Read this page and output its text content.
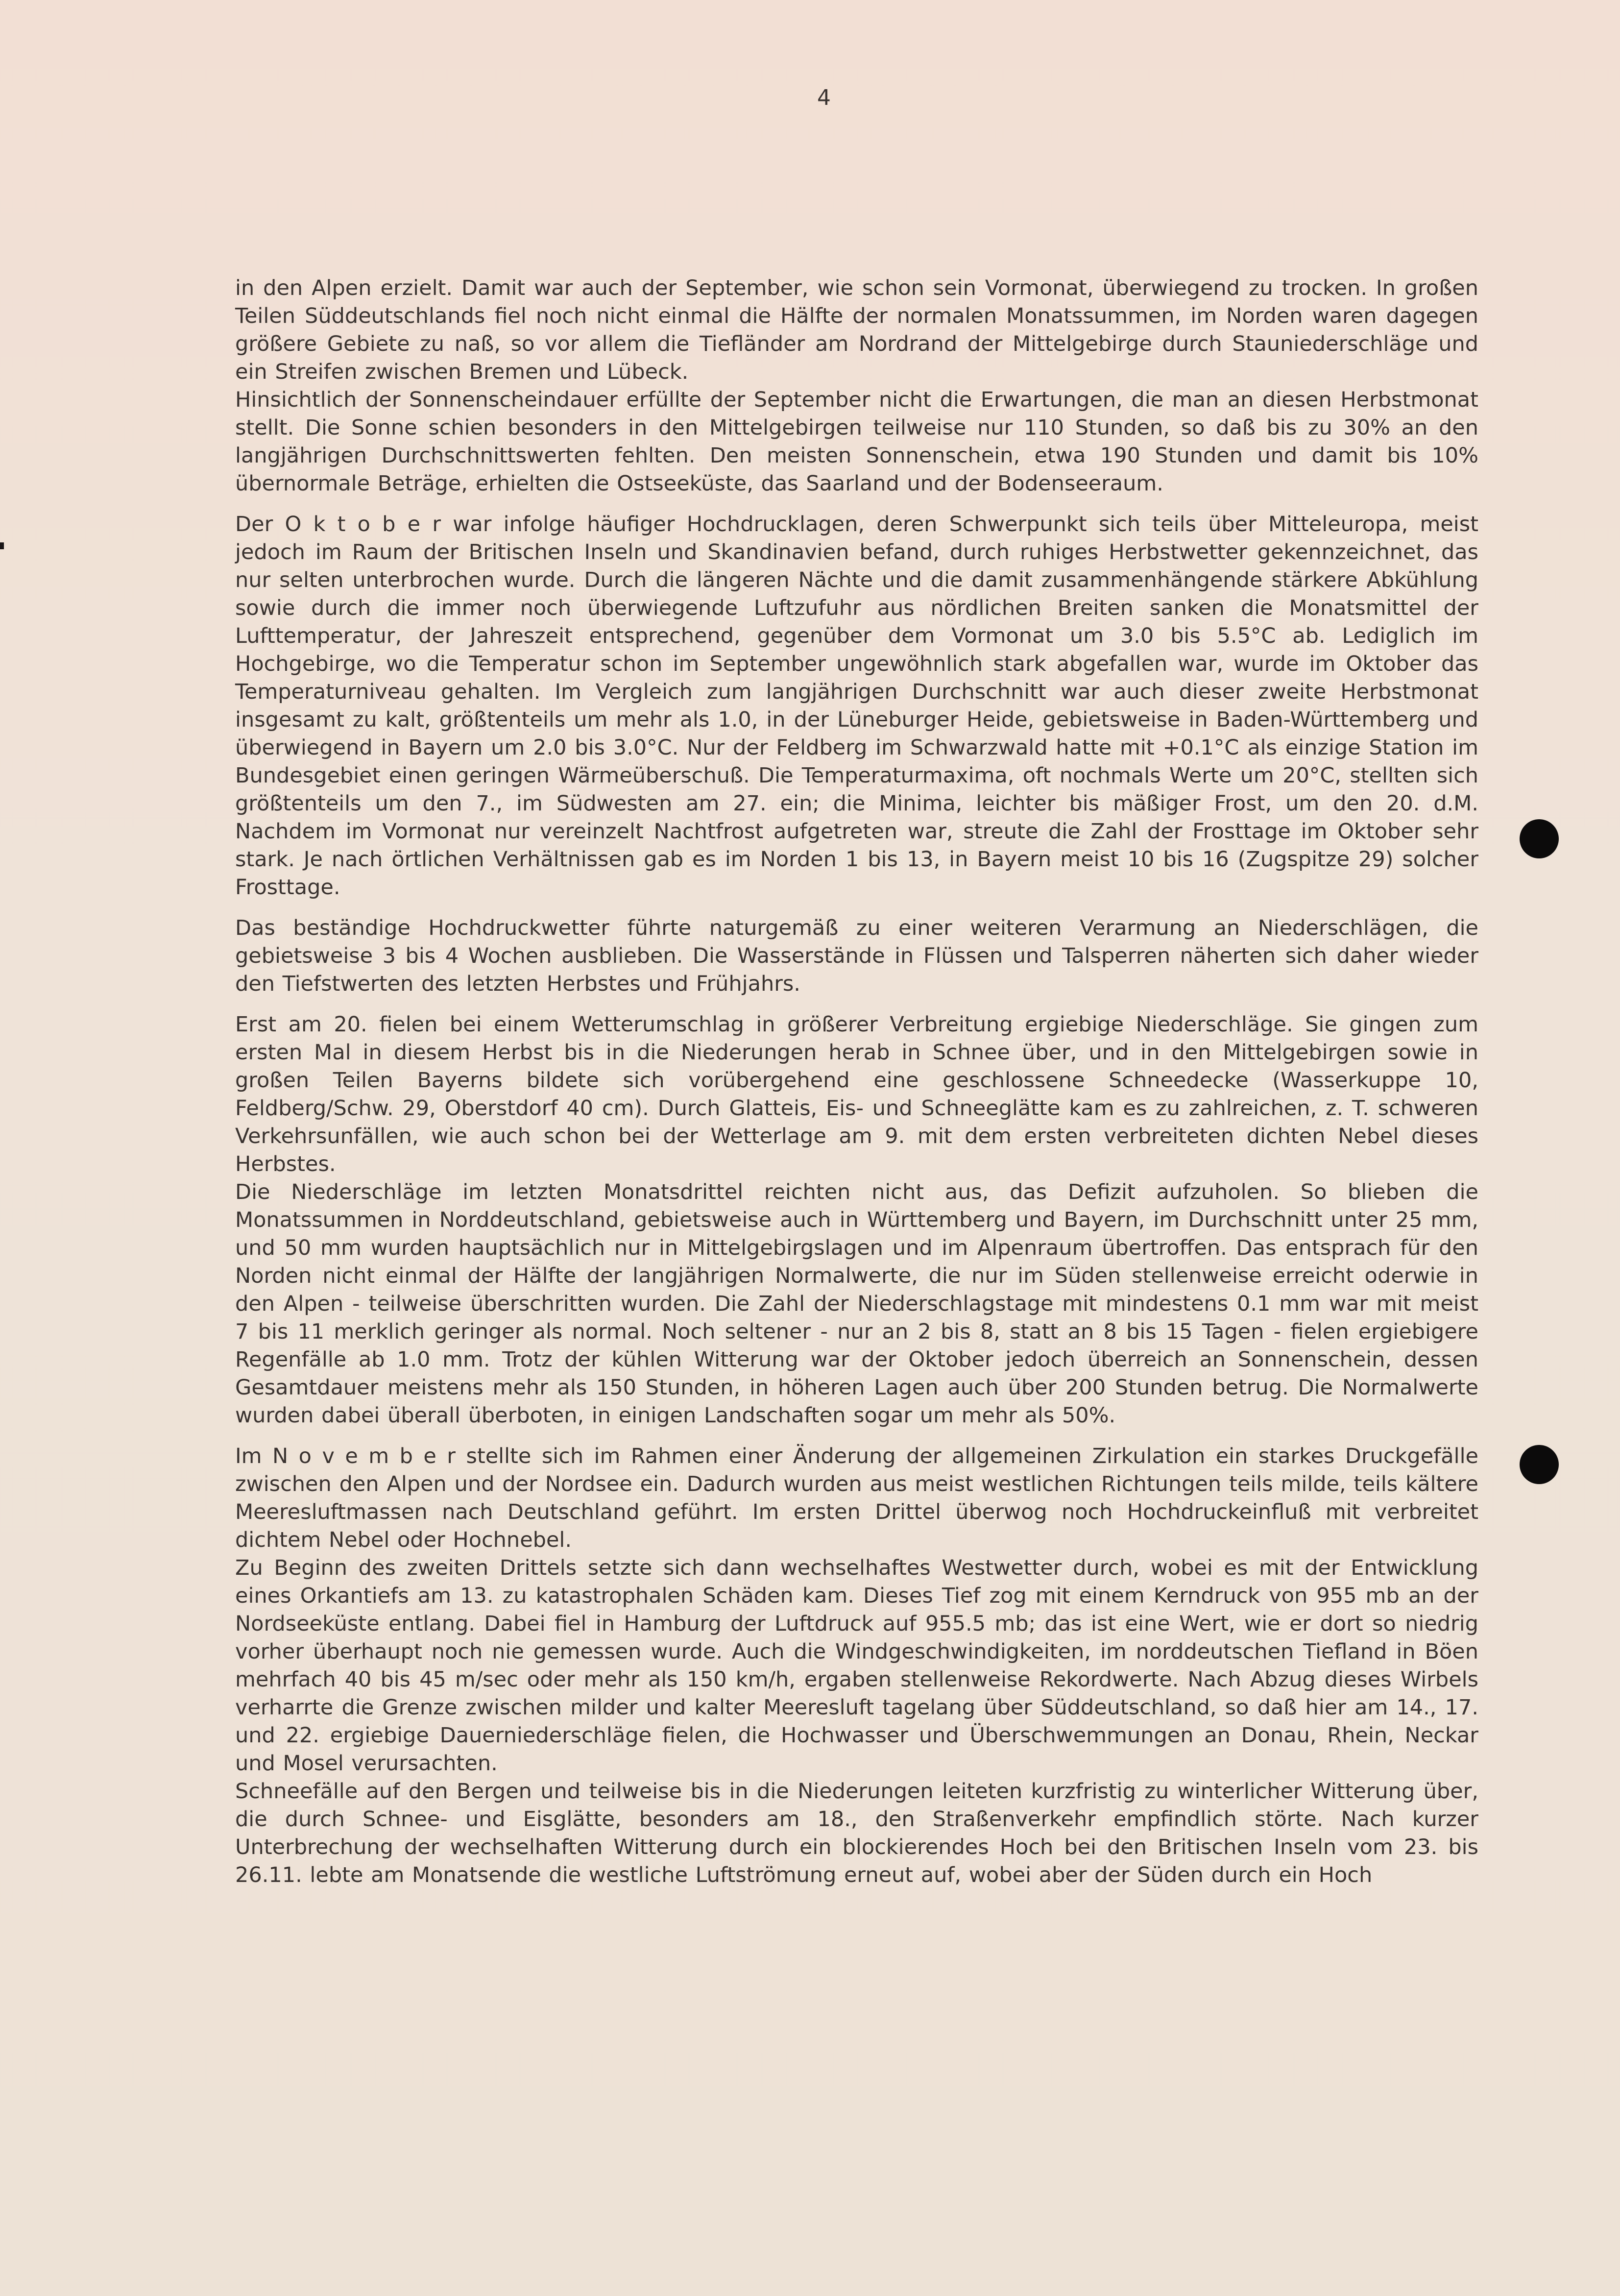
4

in den Alpen erzielt. Damit war auch der September, wie schon sein Vormonat, überwiegend zu trocken. In großen Teilen Süddeutschlands fiel noch nicht einmal die Hälfte der normalen Monatssummen, im Norden waren dagegen größere Gebiete zu naß, so vor allem die Tiefländer am Nordrand der Mittelgebirge durch Stauniederschläge und ein Streifen zwischen Bremen und Lübeck.

Hinsichtlich der Sonnenscheindauer erfüllte der September nicht die Erwartungen, die man an diesen Herbstmonat stellt. Die Sonne schien besonders in den Mittelgebirgen teilweise nur 110 Stunden, so daß bis zu 30% an den langjährigen Durchschnittswerten fehlten. Den meisten Sonnenschein, etwa 190 Stunden und damit bis 10% übernormale Beträge, erhielten die Ostseeküste, das Saarland und der Bodenseeraum.

Der O k t o b e r war infolge häufiger Hochdrucklagen, deren Schwerpunkt sich teils über Mitteleuropa, meist jedoch im Raum der Britischen Inseln und Skandinavien befand, durch ruhiges Herbstwetter gekennzeichnet, das nur selten unterbrochen wurde. Durch die längeren Nächte und die damit zusammenhängende stärkere Abkühlung sowie durch die immer noch überwiegende Luftzufuhr aus nördlichen Breiten sanken die Monatsmittel der Lufttemperatur, der Jahreszeit entsprechend, gegenüber dem Vormonat um 3.0 bis 5.5°C ab. Lediglich im Hochgebirge, wo die Temperatur schon im September ungewöhnlich stark abgefallen war, wurde im Oktober das Temperaturniveau gehalten. Im Vergleich zum langjährigen Durchschnitt war auch dieser zweite Herbstmonat insgesamt zu kalt, größtenteils um mehr als 1.0, in der Lüneburger Heide, gebietsweise in Baden-Württemberg und überwiegend in Bayern um 2.0 bis 3.0°C. Nur der Feldberg im Schwarzwald hatte mit +0.1°C als einzige Station im Bundesgebiet einen geringen Wärmeüberschuß. Die Temperaturmaxima, oft nochmals Werte um 20°C, stellten sich größtenteils um den 7., im Südwesten am 27. ein; die Minima, leichter bis mäßiger Frost, um den 20. d.M. Nachdem im Vormonat nur vereinzelt Nachtfrost aufgetreten war, streute die Zahl der Frosttage im Oktober sehr stark. Je nach örtlichen Verhältnissen gab es im Norden 1 bis 13, in Bayern meist 10 bis 16 (Zugspitze 29) solcher Frosttage.

Das beständige Hochdruckwetter führte naturgemäß zu einer weiteren Verarmung an Niederschlägen, die gebietsweise 3 bis 4 Wochen ausblieben. Die Wasserstände in Flüssen und Talsperren näherten sich daher wieder den Tiefstwerten des letzten Herbstes und Frühjahrs.

Erst am 20. fielen bei einem Wetterumschlag in größerer Verbreitung ergiebige Niederschläge. Sie gingen zum ersten Mal in diesem Herbst bis in die Niederungen herab in Schnee über, und in den Mittelgebirgen sowie in großen Teilen Bayerns bildete sich vorübergehend eine geschlossene Schneedecke (Wasserkuppe 10, Feldberg/Schw. 29, Oberstdorf 40 cm). Durch Glatteis, Eis- und Schneeglätte kam es zu zahlreichen, z. T. schweren Verkehrsunfällen, wie auch schon bei der Wetterlage am 9. mit dem ersten verbreiteten dichten Nebel dieses Herbstes.

Die Niederschläge im letzten Monatsdrittel reichten nicht aus, das Defizit aufzuholen. So blieben die Monatssummen in Norddeutschland, gebietsweise auch in Württemberg und Bayern, im Durchschnitt unter 25 mm, und 50 mm wurden hauptsächlich nur in Mittelgebirgslagen und im Alpenraum übertroffen. Das entsprach für den Norden nicht einmal der Hälfte der langjährigen Normalwerte, die nur im Süden stellenweise erreicht oderwie in den Alpen - teilweise überschritten wurden. Die Zahl der Niederschlagstage mit mindestens 0.1 mm war mit meist 7 bis 11 merklich geringer als normal. Noch seltener - nur an 2 bis 8, statt an 8 bis 15 Tagen - fielen ergiebigere Regenfälle ab 1.0 mm. Trotz der kühlen Witterung war der Oktober jedoch überreich an Sonnenschein, dessen Gesamtdauer meistens mehr als 150 Stunden, in höheren Lagen auch über 200 Stunden betrug. Die Normalwerte wurden dabei überall überboten, in einigen Landschaften sogar um mehr als 50%.

Im N o v e m b e r stellte sich im Rahmen einer Änderung der allgemeinen Zirkulation ein starkes Druckgefälle zwischen den Alpen und der Nordsee ein. Dadurch wurden aus meist westlichen Richtungen teils milde, teils kältere Meeresluftmassen nach Deutschland geführt. Im ersten Drittel überwog noch Hochdruckeinfluß mit verbreitet dichtem Nebel oder Hochnebel.

Zu Beginn des zweiten Drittels setzte sich dann wechselhaftes Westwetter durch, wobei es mit der Entwicklung eines Orkantiefs am 13. zu katastrophalen Schäden kam. Dieses Tief zog mit einem Kerndruck von 955 mb an der Nordseeküste entlang. Dabei fiel in Hamburg der Luftdruck auf 955.5 mb; das ist eine Wert, wie er dort so niedrig vorher überhaupt noch nie gemessen wurde. Auch die Windgeschwindigkeiten, im norddeutschen Tiefland in Böen mehrfach 40 bis 45 m/sec oder mehr als 150 km/h, ergaben stellenweise Rekordwerte. Nach Abzug dieses Wirbels verharrte die Grenze zwischen milder und kalter Meeresluft tagelang über Süddeutschland, so daß hier am 14., 17. und 22. ergiebige Dauerniederschläge fielen, die Hochwasser und Überschwemmungen an Donau, Rhein, Neckar und Mosel verursachten.

Schneefälle auf den Bergen und teilweise bis in die Niederungen leiteten kurzfristig zu winterlicher Witterung über, die durch Schnee- und Eisglätte, besonders am 18., den Straßenverkehr empfindlich störte. Nach kurzer Unterbrechung der wechselhaften Witterung durch ein blockierendes Hoch bei den Britischen Inseln vom 23. bis 26.11. lebte am Monatsende die westliche Luftströmung erneut auf, wobei aber der Süden durch ein Hoch
